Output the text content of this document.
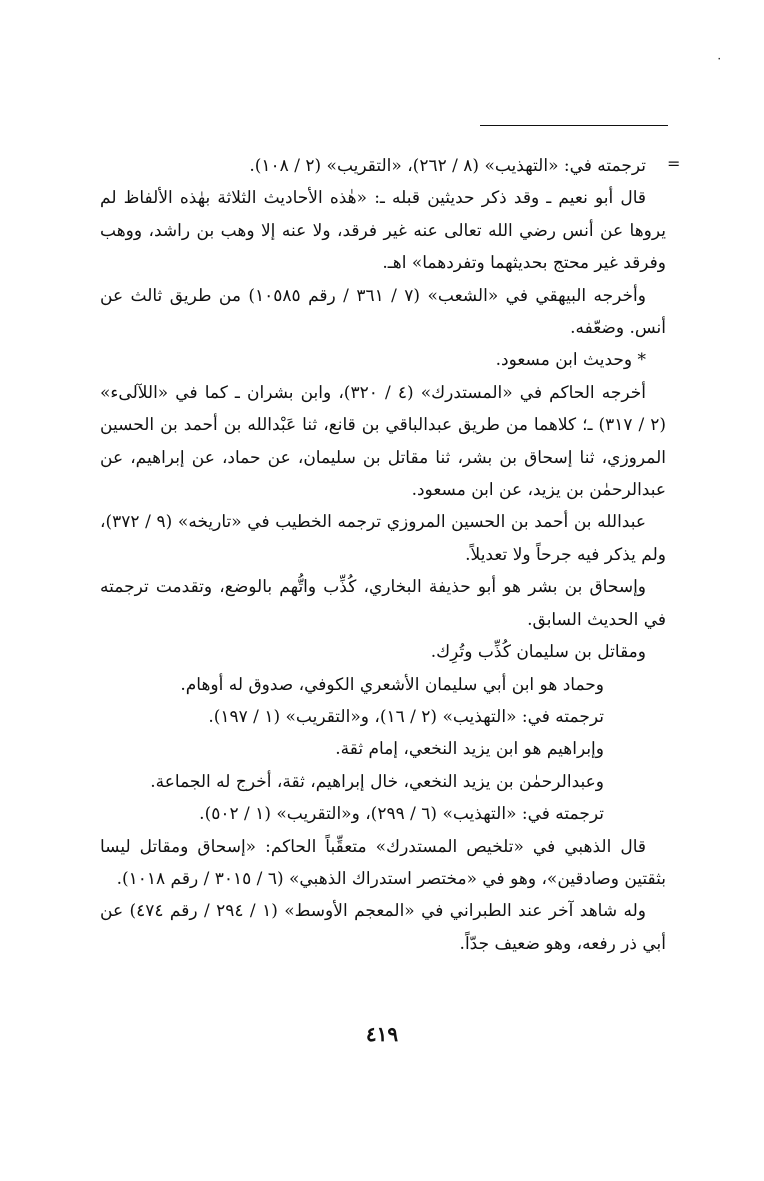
٠
=

ترجمته في: «التهذيب» (٨ / ٢٦٢)، «التقريب» (٢ / ١٠٨).

قال أبو نعيم ـ وقد ذكر حديثين قبله ـ: «هٰذه الأحاديث الثلاثة بهٰذه الألفاظ لم يروها عن أنس رضي الله تعالى عنه غير فرقد، ولا عنه إلا وهب بن راشد، ووهب وفرقد غير محتج بحديثهما وتفردهما» اهـ.

وأخرجه البيهقي في «الشعب» (٧ / ٣٦١ / رقم ١٠٥٨٥) من طريق ثالث عن أنس. وضعّفه.

* وحديث ابن مسعود.

أخرجه الحاكم في «المستدرك» (٤ / ٣٢٠)، وابن بشران ـ كما في «اللآلىء» (٢ / ٣١٧) ـ؛ كلاهما من طريق عبدالباقي بن قانع، ثنا عَبْدالله بن أحمد بن الحسين المروزي، ثنا إسحاق بن بشر، ثنا مقاتل بن سليمان، عن حماد، عن إبراهيم، عن عبدالرحمٰن بن يزيد، عن ابن مسعود.

عبدالله بن أحمد بن الحسين المروزي ترجمه الخطيب في «تاريخه» (٩ / ٣٧٢)، ولم يذكر فيه جرحاً ولا تعديلاً.

وإسحاق بن بشر هو أبو حذيفة البخاري، كُذِّب واتُّهم بالوضع، وتقدمت ترجمته في الحديث السابق.

ومقاتل بن سليمان كُذِّب وتُرِك.

وحماد هو ابن أبي سليمان الأشعري الكوفي، صدوق له أوهام.

ترجمته في: «التهذيب» (٢ / ١٦)، و«التقريب» (١ / ١٩٧).

وإبراهيم هو ابن يزيد النخعي، إمام ثقة.

وعبدالرحمٰن بن يزيد النخعي، خال إبراهيم، ثقة، أخرج له الجماعة.

ترجمته في: «التهذيب» (٦ / ٢٩٩)، و«التقريب» (١ / ٥٠٢).

قال الذهبي في «تلخيص المستدرك» متعقِّباً الحاكم: «إسحاق ومقاتل ليسا بثقتين وصادقين»، وهو في «مختصر استدراك الذهبي» (٦ / ٣٠١٥ / رقم ١٠١٨).

وله شاهد آخر عند الطبراني في «المعجم الأوسط» (١ / ٢٩٤ / رقم ٤٧٤) عن أبي ذر رفعه، وهو ضعيف جدّاً.

٤١٩
